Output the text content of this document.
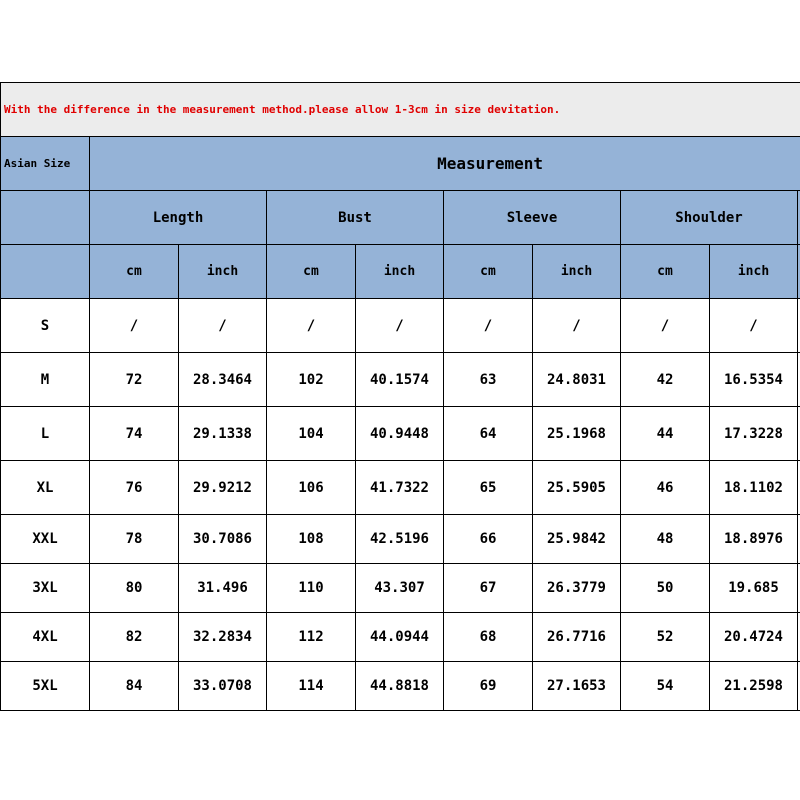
With the difference in the measurement method.please allow 1-3cm in size devitation.									
Asian Size	Measurement								
	Length		Bust		Sleeve		Shoulder		
	cm	inch	cm	inch	cm	inch	cm	inch	
S	/	/	/	/	/	/	/	/	
M	72	28.3464	102	40.1574	63	24.8031	42	16.5354	
L	74	29.1338	104	40.9448	64	25.1968	44	17.3228	
XL	76	29.9212	106	41.7322	65	25.5905	46	18.1102	
XXL	78	30.7086	108	42.5196	66	25.9842	48	18.8976	
3XL	80	31.496	110	43.307	67	26.3779	50	19.685	
4XL	82	32.2834	112	44.0944	68	26.7716	52	20.4724	
5XL	84	33.0708	114	44.8818	69	27.1653	54	21.2598	
